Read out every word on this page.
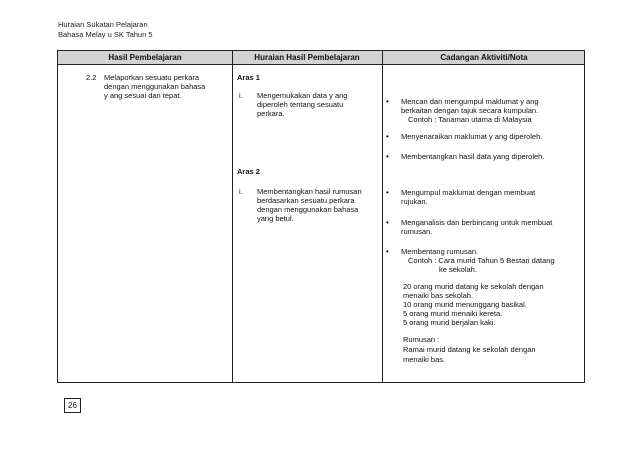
Huraian Sukatan Pelajaran
Bahasa Melay u SK Tahun 5
Hasil Pembelajaran	Huraian Hasil Pembelajaran	Cadangan Aktiviti/Nota
2.2 Melaporkan sesuatu perkara
dengan menggunakan bahasa
y ang sesuai dan tepat.
Aras 1
i. Mengemukakan data y ang
diperoleh tentang sesuatu
perkara.
Aras 2
i. Membentangkan hasil rumusan
berdasarkan sesuatu perkara
dengan menggunakan bahasa
yang betul.
• Mencari dan mengumpul maklumat y ang
berkaitan dengan tajuk secara kumpulan.
Contoh : Tanaman utama di Malaysia
• Menyenaraikan maklumat y ang diperoleh.
• Membentangkan hasil data yang diperoleh.
• Mengumpul maklumat dengan membuat
rujukan.
• Menganalisis dan berbincang untuk membuat
rumusan.
• Membentang rumusan.
Contoh : Cara murid Tahun 5 Bestari datang
ke sekolah.
20 orang murid datang ke sekolah dengan
menaiki bas sekolah.
10 orang murid menunggang basikal.
5 orang murid menaiki kereta.
5 orang murid berjalan kaki.
Rumusan :
Ramai murid datang ke sekolah dengan
menaiki bas.
26
